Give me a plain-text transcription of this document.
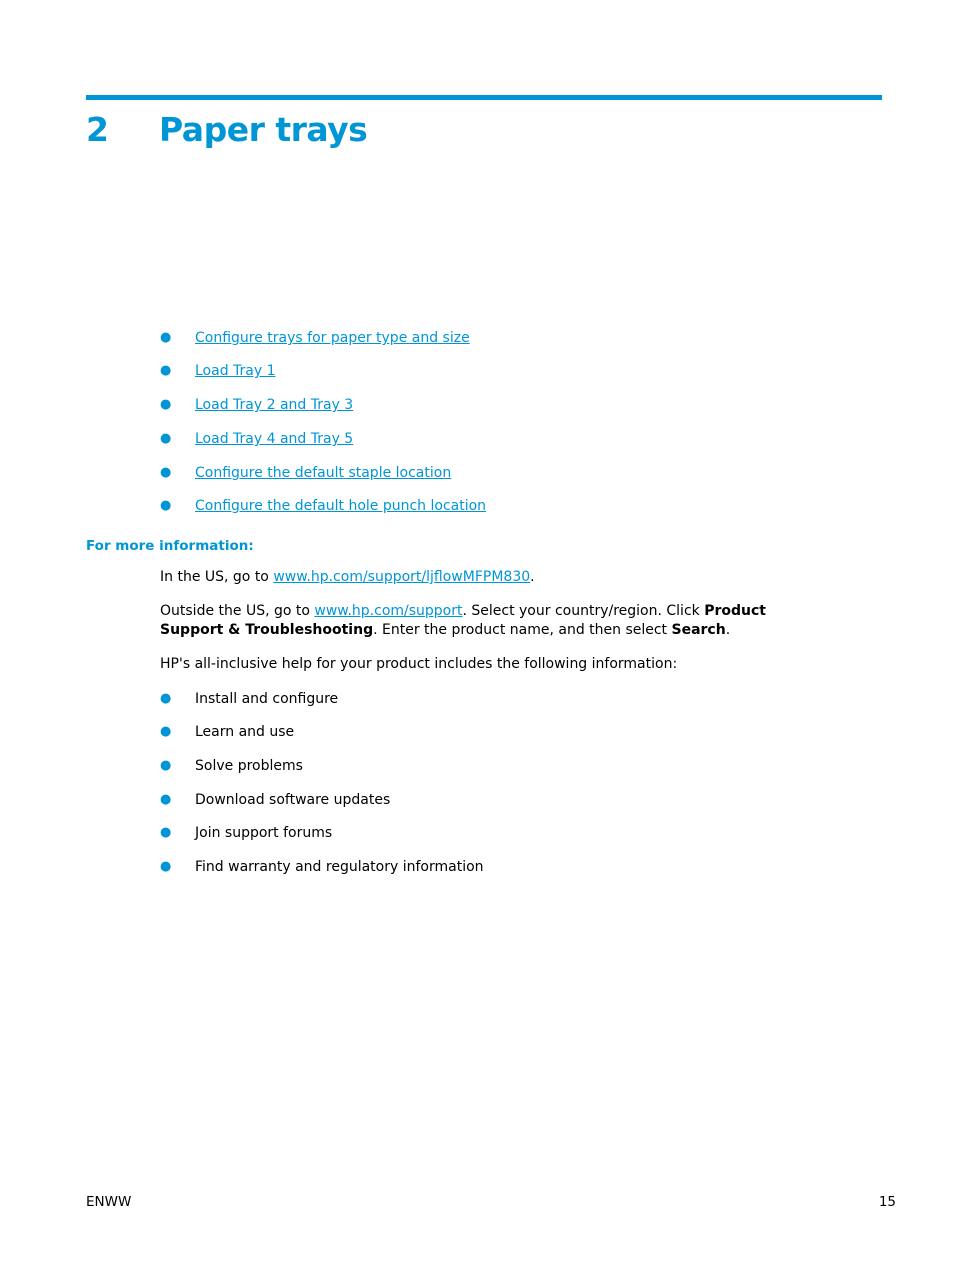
2 Paper trays
● Configure trays for paper type and size
● Load Tray 1
● Load Tray 2 and Tray 3
● Load Tray 4 and Tray 5
● Configure the default staple location
● Configure the default hole punch location
For more information:
In the US, go to www.hp.com/support/ljflowMFPM830.
Outside the US, go to www.hp.com/support. Select your country/region. Click Product Support & Troubleshooting. Enter the product name, and then select Search.
HP's all-inclusive help for your product includes the following information:
● Install and configure
● Learn and use
● Solve problems
● Download software updates
● Join support forums
● Find warranty and regulatory information
ENWW	15
